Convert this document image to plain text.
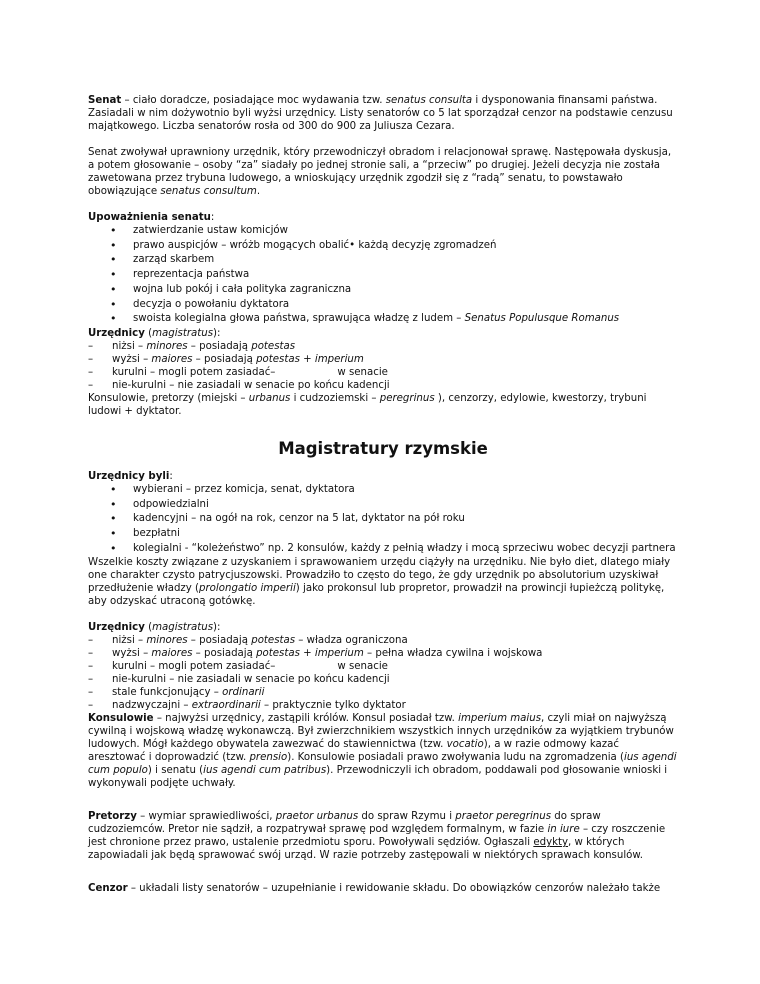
Senat – ciało doradcze, posiadające moc wydawania tzw. senatus consulta i dysponowania finansami państwa. Zasiadali w nim dożywotnio byli wyżsi urzędnicy. Listy senatorów co 5 lat sporządzał cenzor na podstawie cenzusu majątkowego. Liczba senatorów rosła od 300 do 900 za Juliusza Cezara.

Senat zwoływał uprawniony urzędnik, który przewodniczył obradom i relacjonował sprawę. Następowała dyskusja, a potem głosowanie – osoby “za” siadały po jednej stronie sali, a “przeciw” po drugiej. Jeżeli decyzja nie została zawetowana przez trybuna ludowego, a wnioskujący urzędnik zgodził się z “radą” senatu, to powstawało obowiązujące senatus consultum.

Upoważnienia senatu:

• zatwierdzanie ustaw komicjów
• prawo auspicjów – wróżb mogących obalić• każdą decyzję zgromadzeń
• zarząd skarbem
• reprezentacja państwa
• wojna lub pokój i cała polityka zagraniczna
• decyzja o powołaniu dyktatora
• swoista kolegialna głowa państwa, sprawująca władzę z ludem – Senatus Populusque Romanus

Urzędnicy (magistratus):

– niżsi – minores – posiadają potestas
– wyżsi – maiores – posiadają potestas + imperium
– kurulni – mogli potem zasiadać–	w senacie
– nie-kurulni – nie zasiadali w senacie po końcu kadencji

Konsulowie, pretorzy (miejski – urbanus i cudzoziemski – peregrinus ), cenzorzy, edylowie, kwestorzy, trybuni ludowi + dyktator.

Magistratury rzymskie

Urzędnicy byli:

• wybierani – przez komicja, senat, dyktatora
• odpowiedzialni
• kadencyjni – na ogół na rok, cenzor na 5 lat, dyktator na pół roku
• bezpłatni
• kolegialni - “koleżeństwo” np. 2 konsulów, każdy z pełnią władzy i mocą sprzeciwu wobec decyzji partnera

Wszelkie koszty związane z uzyskaniem i sprawowaniem urzędu ciążyły na urzędniku. Nie było diet, dlatego miały one charakter czysto patrycjuszowski. Prowadziło to często do tego, że gdy urzędnik po absolutorium uzyskiwał przedłużenie władzy (prolongatio imperii) jako prokonsul lub propretor, prowadził na prowincji łupieżczą politykę, aby odzyskać utraconą gotówkę.

Urzędnicy (magistratus):

– niżsi – minores – posiadają potestas – władza ograniczona
– wyżsi – maiores – posiadają potestas + imperium – pełna władza cywilna i wojskowa
– kurulni – mogli potem zasiadać–	w senacie
– nie-kurulni – nie zasiadali w senacie po końcu kadencji
– stale funkcjonujący – ordinarii
– nadzwyczajni – extraordinarii – praktycznie tylko dyktator

Konsulowie – najwyżsi urzędnicy, zastąpili królów. Konsul posiadał tzw. imperium maius, czyli miał on najwyższą cywilną i wojskową władzę wykonawczą. Był zwierzchnikiem wszystkich innych urzędników za wyjątkiem trybunów ludowych. Mógł każdego obywatela zawezwać do stawiennictwa (tzw. vocatio), a w razie odmowy kazać aresztować i doprowadzić (tzw. prensio). Konsulowie posiadali prawo zwoływania ludu na zgromadzenia (ius agendi cum populo) i senatu (ius agendi cum patribus). Przewodniczyli ich obradom, poddawali pod głosowanie wnioski i wykonywali podjęte uchwały.

Pretorzy – wymiar sprawiedliwości, praetor urbanus do spraw Rzymu i praetor peregrinus do spraw cudzoziemców. Pretor nie sądził, a rozpatrywał sprawę pod względem formalnym, w fazie in iure – czy roszczenie jest chronione przez prawo, ustalenie przedmiotu sporu. Powoływali sędziów. Ogłaszali edykty, w których zapowiadali jak będą sprawować swój urząd. W razie potrzeby zastępowali w niektórych sprawach konsulów.

Cenzor – układali listy senatorów – uzupełnianie i rewidowanie składu. Do obowiązków cenzorów należało także
